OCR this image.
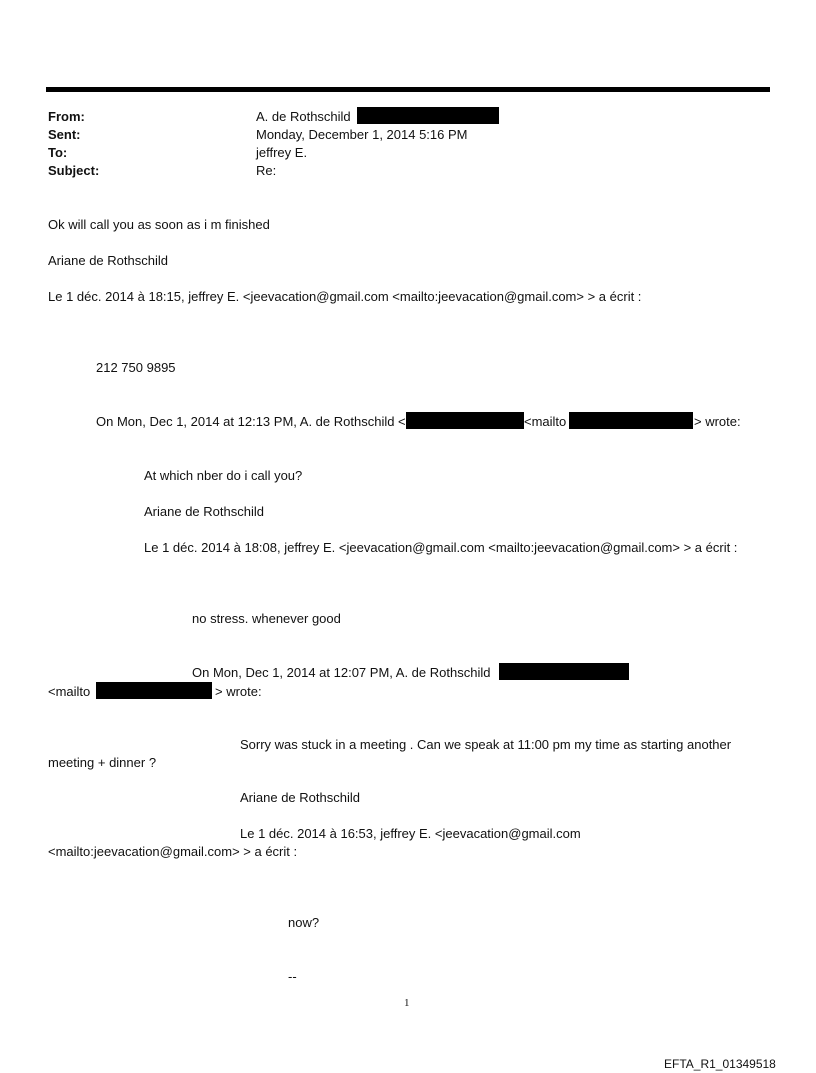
From:	A. de Rothschild
Sent:	Monday, December 1, 2014 5:16 PM
To:	jeffrey E.
Subject:	Re:
Ok will call you as soon as i m finished
Ariane de Rothschild
Le 1 déc. 2014 à 18:15, jeffrey E. <jeevacation@gmail.com <mailto:jeevacation@gmail.com> > a écrit :
212 750 9895
On Mon, Dec 1, 2014 at 12:13 PM, A. de Rothschild <	<mailto	> wrote:
At which nber do i call you?
Ariane de Rothschild
Le 1 déc. 2014 à 18:08, jeffrey E. <jeevacation@gmail.com <mailto:jeevacation@gmail.com> > a écrit :
no stress. whenever good
On Mon, Dec 1, 2014 at 12:07 PM, A. de Rothschild
<mailto	> wrote:
Sorry was stuck in a meeting . Can we speak at 11:00 pm my time as starting another
meeting + dinner ?
Ariane de Rothschild
Le 1 déc. 2014 à 16:53, jeffrey E. <jeevacation@gmail.com
<mailto:jeevacation@gmail.com> > a écrit :
now?
--
1
EFTA_R1_01349518
